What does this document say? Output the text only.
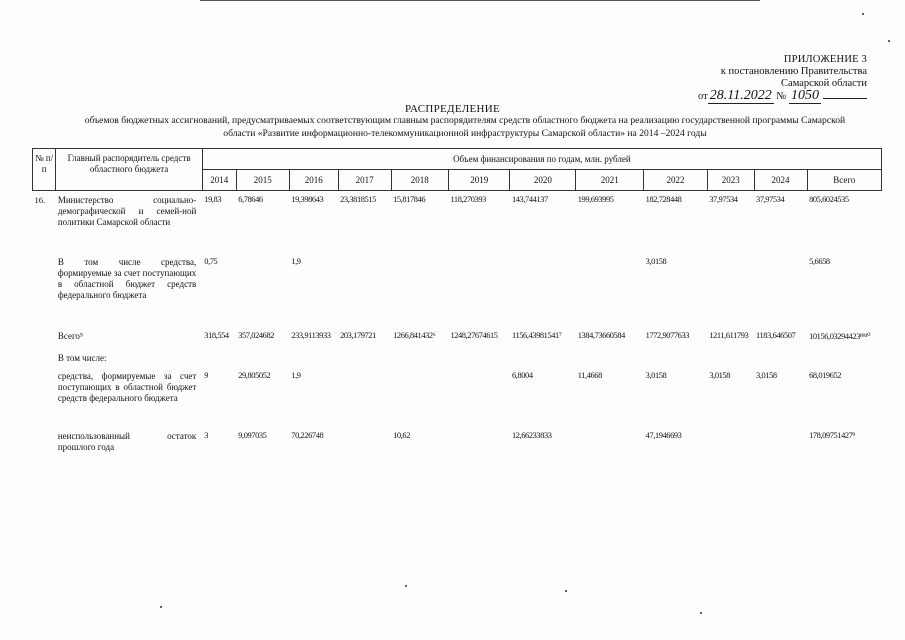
ПРИЛОЖЕНИЕ 3
к постановлению Правительства
Самарской области
от 28.11.2022 № 1050
РАСПРЕДЕЛЕНИЕ
объемов бюджетных ассигнований, предусматриваемых соответствующим главным распорядителям средств областного бюджета на реализацию государственной программы Самарской
области «Развитие информационно-телекоммуникационной инфраструктуры Самарской области» на 2014 –2024 годы
№ п/п	Главный распорядитель средств областного бюджета	Объем финансирования по годам, млн. рублей											
		2014	2015	2016	2017	2018	2019	2020	2021	2022	2023	2024	Всего
16.	Министерство социально-демографической и семей-ной политики Самарской области	19,83	6,78646	19,398643	23,3818515	15,817846	118,270393	143,744137	199,693995	182,728448	37,97534	37,97534	805,6024535
	В том числе средства, формируемые за счет поступающих в областной бюджет средств федерального бюджета	0,75		1,9						3,0158			5,6658
	Всего⁵	318,554	357,024682	233,9113933	203,179721	1266,841432⁶	1248,27674615	1156,43981541⁷	1384,73660584	1772,9077633	1211,611793	1183,646507	10156,03294423⁸⁹¹⁰
	В том числе:												
	средства, формируемые за счет поступающих в областной бюджет средств федерального бюджета	9	29,805052	1,9				6,8004	11,4668	3,0158	3,0158	3,0158	68,019652
	неиспользованный остаток прошлого года	3	9,097035	70,226748		10,62		12,66233833		47,1946693			178,09751427⁹
